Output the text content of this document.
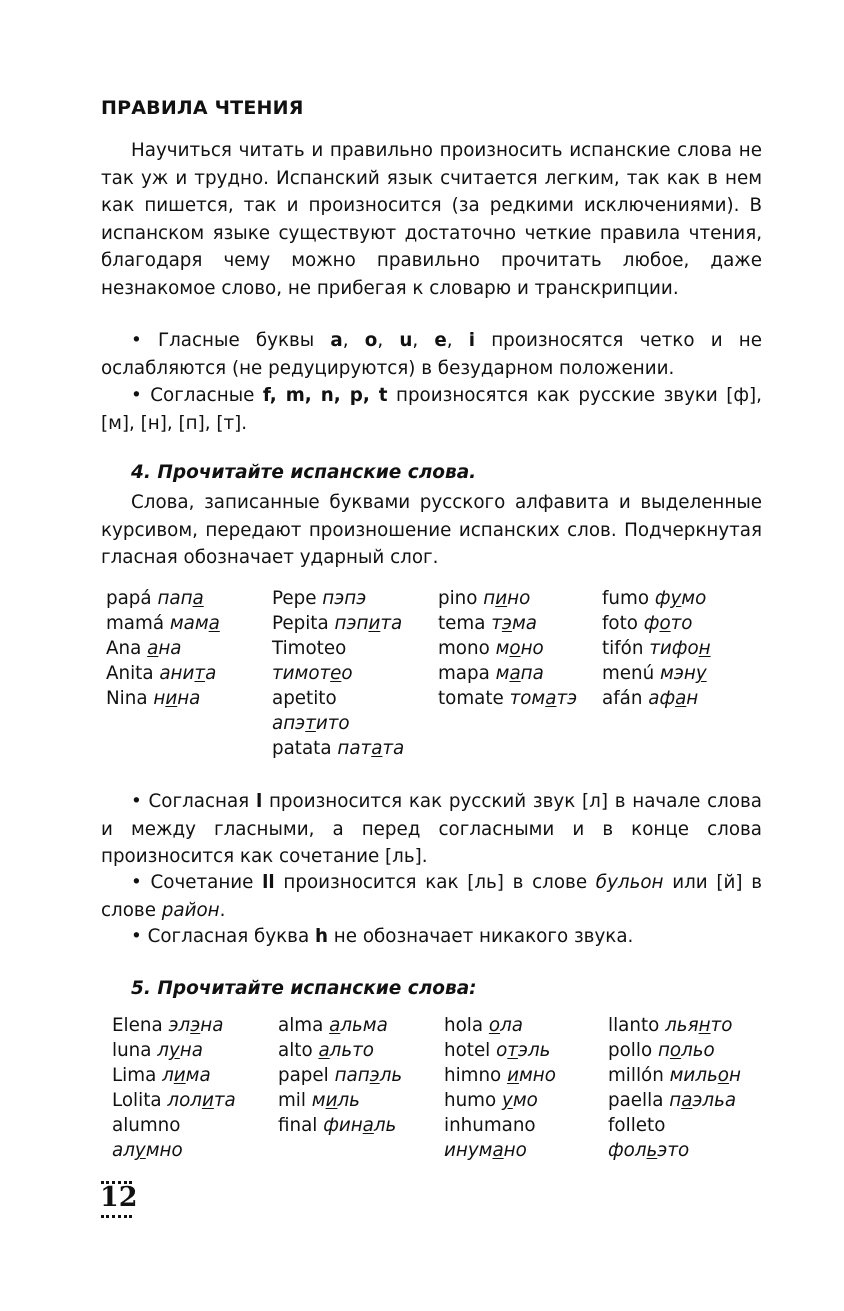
ПРАВИЛА ЧТЕНИЯ

Научиться читать и правильно произносить испанские слова не так уж и трудно. Испанский язык считается легким, так как в нем как пишется, так и произносится (за редкими исключениями). В испанском языке существуют достаточно четкие правила чтения, благодаря чему можно правильно прочитать любое, даже незнакомое слово, не прибегая к словарю и транскрипции.

• Гласные буквы a, o, u, e, i произносятся четко и не ослабляются (не редуцируются) в безударном положении.

• Согласные f, m, n, p, t произносятся как русские звуки [ф], [м], [н], [п], [т].

4. Прочитайте испанские слова.

Слова, записанные буквами русского алфавита и выделенные курсивом, передают произношение испанских слов. Подчеркнутая гласная обозначает ударный слог.

papá папа
mamá мама
Ana ана
Anita анита
Nina нина
Pepe пэпэ
Pepita пэпита
Timoteo
тимотео
apetito
апэтито
patata патата
pino пино
tema тэма
mono моно
mapa мапа
tomate томатэ
fumo фумо
foto фото
tifón тифон
menú мэну
afán афан

• Согласная l произносится как русский звук [л] в начале слова и между гласными, а перед согласными и в конце слова произносится как сочетание [ль].

• Сочетание ll произносится как [ль] в слове бульон или [й] в слове район.

• Согласная буква h не обозначает никакого звука.

5. Прочитайте испанские слова:
Elena элэна
luna луна
Lima лима
Lolita лолита
alumno
алумно
alma альма
alto альто
papel папэль
mil миль
final финаль
hola ола
hotel отэль
himno имно
humo умо
inhumano
инумано
llanto льянто
pollo польо
millón мильон
paella паэльа
folleto
фольэто
12
